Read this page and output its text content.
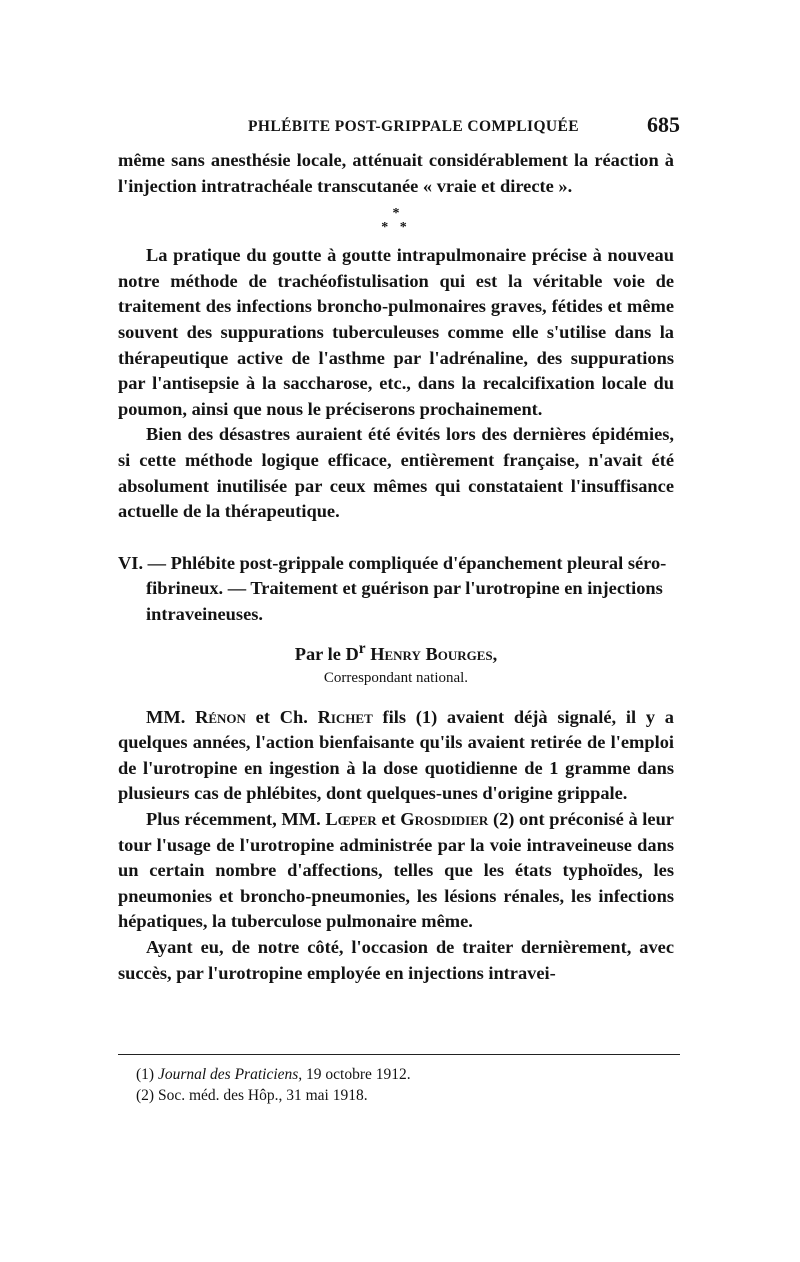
PHLÉBITE POST-GRIPPALE COMPLIQUÉE	685

même sans anesthésie locale, atténuait considérablement la réaction à l'injection intratrachéale transcutanée « vraie et directe ».

*
* *

La pratique du goutte à goutte intrapulmonaire précise à nouveau notre méthode de trachéofistulisation qui est la véritable voie de traitement des infections broncho-pulmonaires graves, fétides et même souvent des suppurations tuberculeuses comme elle s'utilise dans la thérapeutique active de l'asthme par l'adrénaline, des suppurations par l'antisepsie à la saccharose, etc., dans la recalcifixation locale du poumon, ainsi que nous le préciserons prochainement.

Bien des désastres auraient été évités lors des dernières épidémies, si cette méthode logique efficace, entièrement française, n'avait été absolument inutilisée par ceux mêmes qui constataient l'insuffisance actuelle de la thérapeutique.

VI. — Phlébite post-grippale compliquée d'épanchement pleural séro-fibrineux. — Traitement et guérison par l'urotropine en injections intraveineuses.

Par le $D^r$ Henry Bourges,
Correspondant national.

MM. Rénon et Ch. Richet fils (1) avaient déjà signalé, il y a quelques années, l'action bienfaisante qu'ils avaient retirée de l'emploi de l'urotropine en ingestion à la dose quotidienne de 1 gramme dans plusieurs cas de phlébites, dont quelques-unes d'origine grippale.

Plus récemment, MM. Lœper et Grosdidier (2) ont préconisé à leur tour l'usage de l'urotropine administrée par la voie intraveineuse dans un certain nombre d'affections, telles que les états typhoïdes, les pneumonies et broncho-pneumonies, les lésions rénales, les infections hépatiques, la tuberculose pulmonaire même.

Ayant eu, de notre côté, l'occasion de traiter dernièrement, avec succès, par l'urotropine employée en injections intravei-

(1) Journal des Praticiens, 19 octobre 1912.
(2) Soc. méd. des Hôp., 31 mai 1918.
